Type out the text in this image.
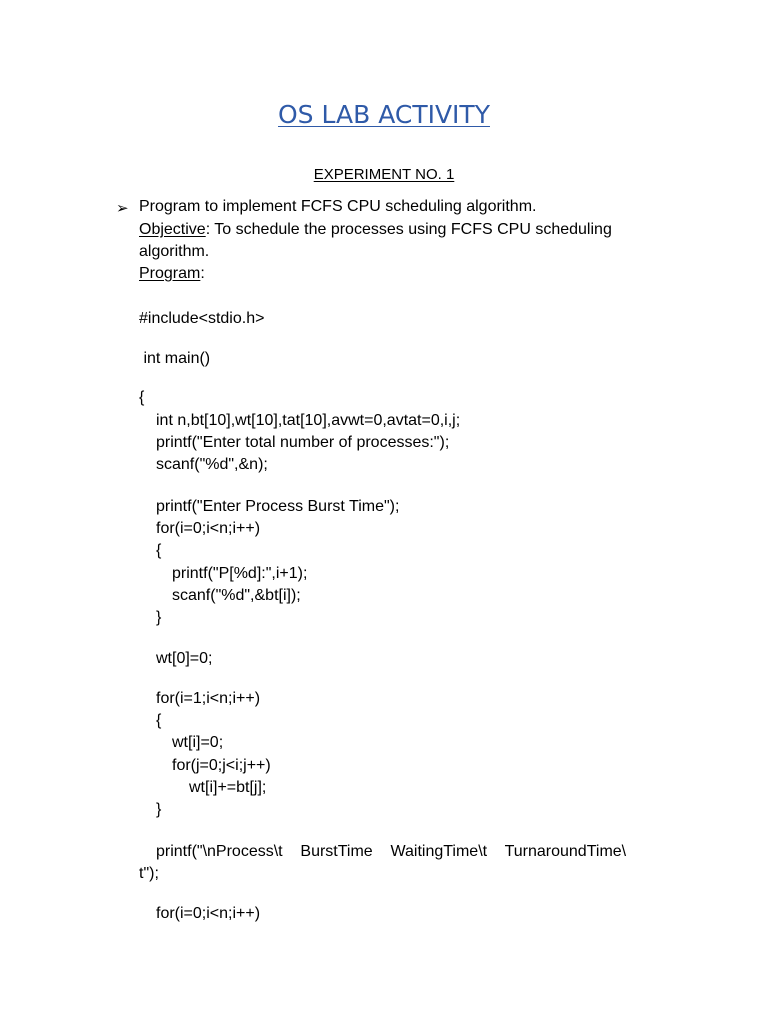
OS LAB ACTIVITY
EXPERIMENT NO. 1
➢ Program to implement FCFS CPU scheduling algorithm.
Objective: To schedule the processes using FCFS CPU scheduling
algorithm.
Program:
#include<stdio.h>
int main()
{
int n,bt[10],wt[10],tat[10],avwt=0,avtat=0,i,j;
printf("Enter total number of processes:");
scanf("%d",&n);
printf("Enter Process Burst Time");
for(i=0;i<n;i++)
{
printf("P[%d]:",i+1);
scanf("%d",&bt[i]);
}
wt[0]=0;
for(i=1;i<n;i++)
{
wt[i]=0;
for(j=0;j<i;j++)
wt[i]+=bt[j];
}
printf("\nProcess\t    BurstTime    WaitingTime\t    TurnaroundTime\
t");
for(i=0;i<n;i++)
